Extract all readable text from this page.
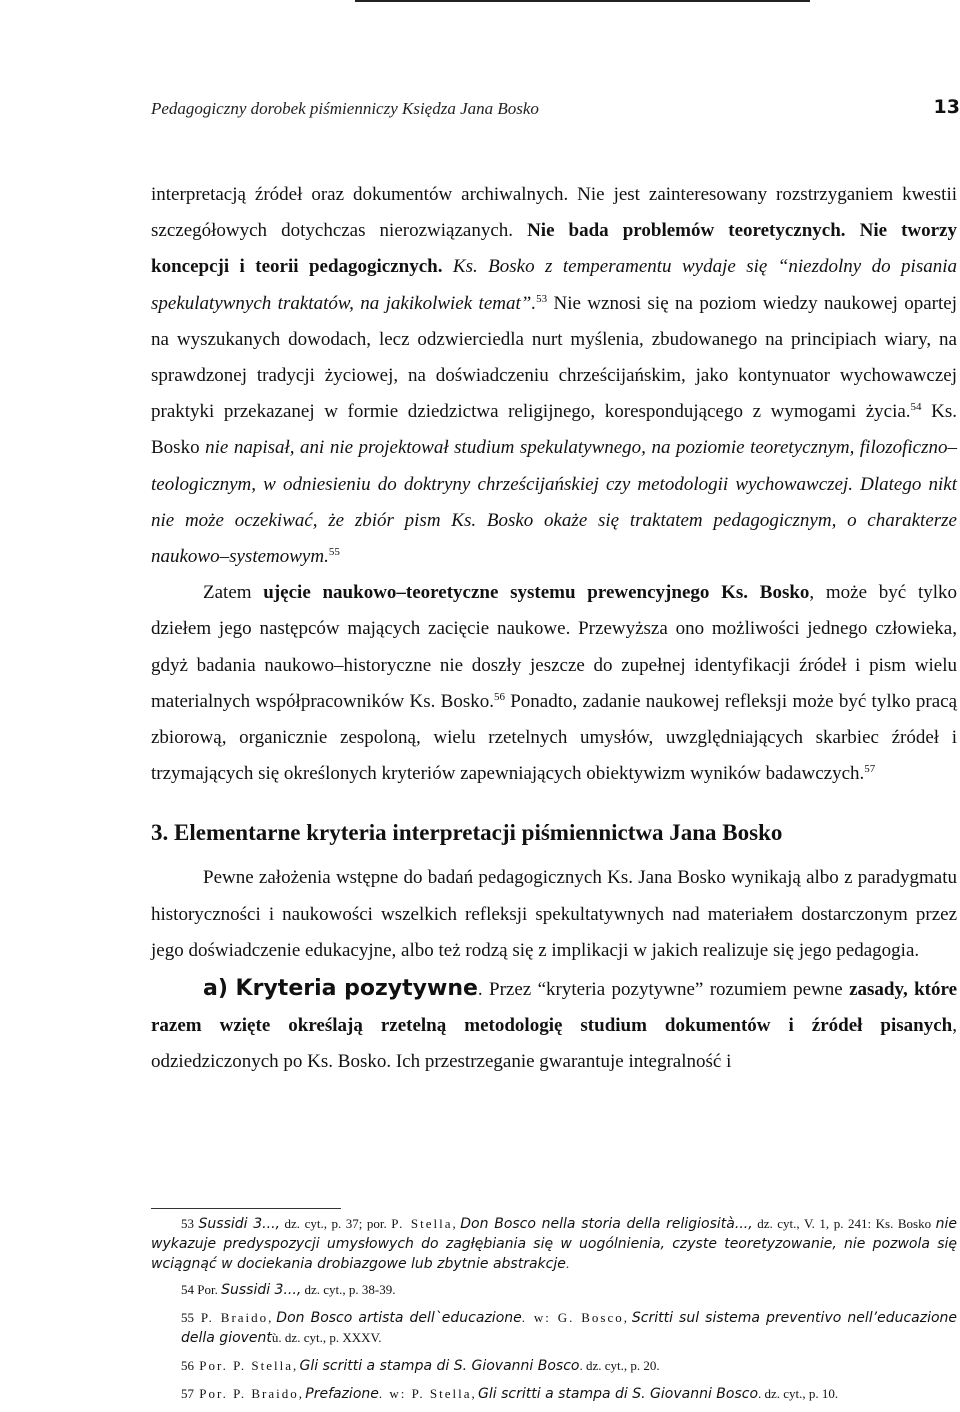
Pedagogiczny dorobek piśmienniczy Księdza Jana Bosko	13

interpretacją źródeł oraz dokumentów archiwalnych. Nie jest zainteresowany rozstrzyganiem kwestii szczegółowych dotychczas nierozwiązanych. Nie bada problemów teoretycznych. Nie tworzy koncepcji i teorii pedagogicznych. Ks. Bosko z temperamentu wydaje się “niezdolny do pisania spekulatywnych traktatów, na jakikolwiek temat”.$^{53}$ Nie wznosi się na poziom wiedzy naukowej opartej na wyszukanych dowodach, lecz odzwierciedla nurt myślenia, zbudowanego na principiach wiary, na sprawdzonej tradycji życiowej, na doświadczeniu chrześcijańskim, jako kontynuator wychowawczej praktyki przekazanej w formie dziedzictwa religijnego, korespondującego z wymogami życia.$^{54}$ Ks. Bosko nie napisał, ani nie projektował studium spekulatywnego, na poziomie teoretycznym, filozoficzno–teologicznym, w odniesieniu do doktryny chrześcijańskiej czy metodologii wychowawczej. Dlatego nikt nie może oczekiwać, że zbiór pism Ks. Bosko okaże się traktatem pedagogicznym, o charakterze naukowo–systemowym.$^{55}$

Zatem ujęcie naukowo–teoretyczne systemu prewencyjnego Ks. Bosko, może być tylko dziełem jego następców mających zacięcie naukowe. Przewyższa ono możliwości jednego człowieka, gdyż badania naukowo–historyczne nie doszły jeszcze do zupełnej identyfikacji źródeł i pism wielu materialnych współpracowników Ks. Bosko.$^{56}$ Ponadto, zadanie naukowej refleksji może być tylko pracą zbiorową, organicznie zespoloną, wielu rzetelnych umysłów, uwzględniających skarbiec źródeł i trzymających się określonych kryteriów zapewniających obiektywizm wyników badawczych.$^{57}$

3. Elementarne kryteria interpretacji piśmiennictwa Jana Bosko

Pewne założenia wstępne do badań pedagogicznych Ks. Jana Bosko wynikają albo z paradygmatu historyczności i naukowości wszelkich refleksji spekultatywnych nad materiałem dostarczonym przez jego doświadczenie edukacyjne, albo też rodzą się z implikacji w jakich realizuje się jego pedagogia.

a) Kryteria pozytywne. Przez “kryteria pozytywne” rozumiem pewne zasady, które razem wzięte określają rzetelną metodologię studium dokumentów i źródeł pisanych, odziedziczonych po Ks. Bosko. Ich przestrzeganie gwarantuje integralność i

53 Sussidi 3..., dz. cyt., p. 37; por. P. Stella, Don Bosco nella storia della religiosità..., dz. cyt., V. 1, p. 241: Ks. Bosko nie wykazuje predyspozycji umysłowych do zagłębiania się w uogólnienia, czyste teoretyzowanie, nie pozwola się wciągnąć w dociekania drobiazgowe lub zbytnie abstrakcje.

54 Por. Sussidi 3..., dz. cyt., p. 38-39.

55 P. Braido, Don Bosco artista dell`educazione. w: G. Bosco, Scritti sul sistema preventivo nell’educazione della gioventù. dz. cyt., p. XXXV.

56 Por. P. Stella, Gli scritti a stampa di S. Giovanni Bosco. dz. cyt., p. 20.

57 Por. P. Braido, Prefazione. w: P. Stella, Gli scritti a stampa di S. Giovanni Bosco. dz. cyt., p. 10.
